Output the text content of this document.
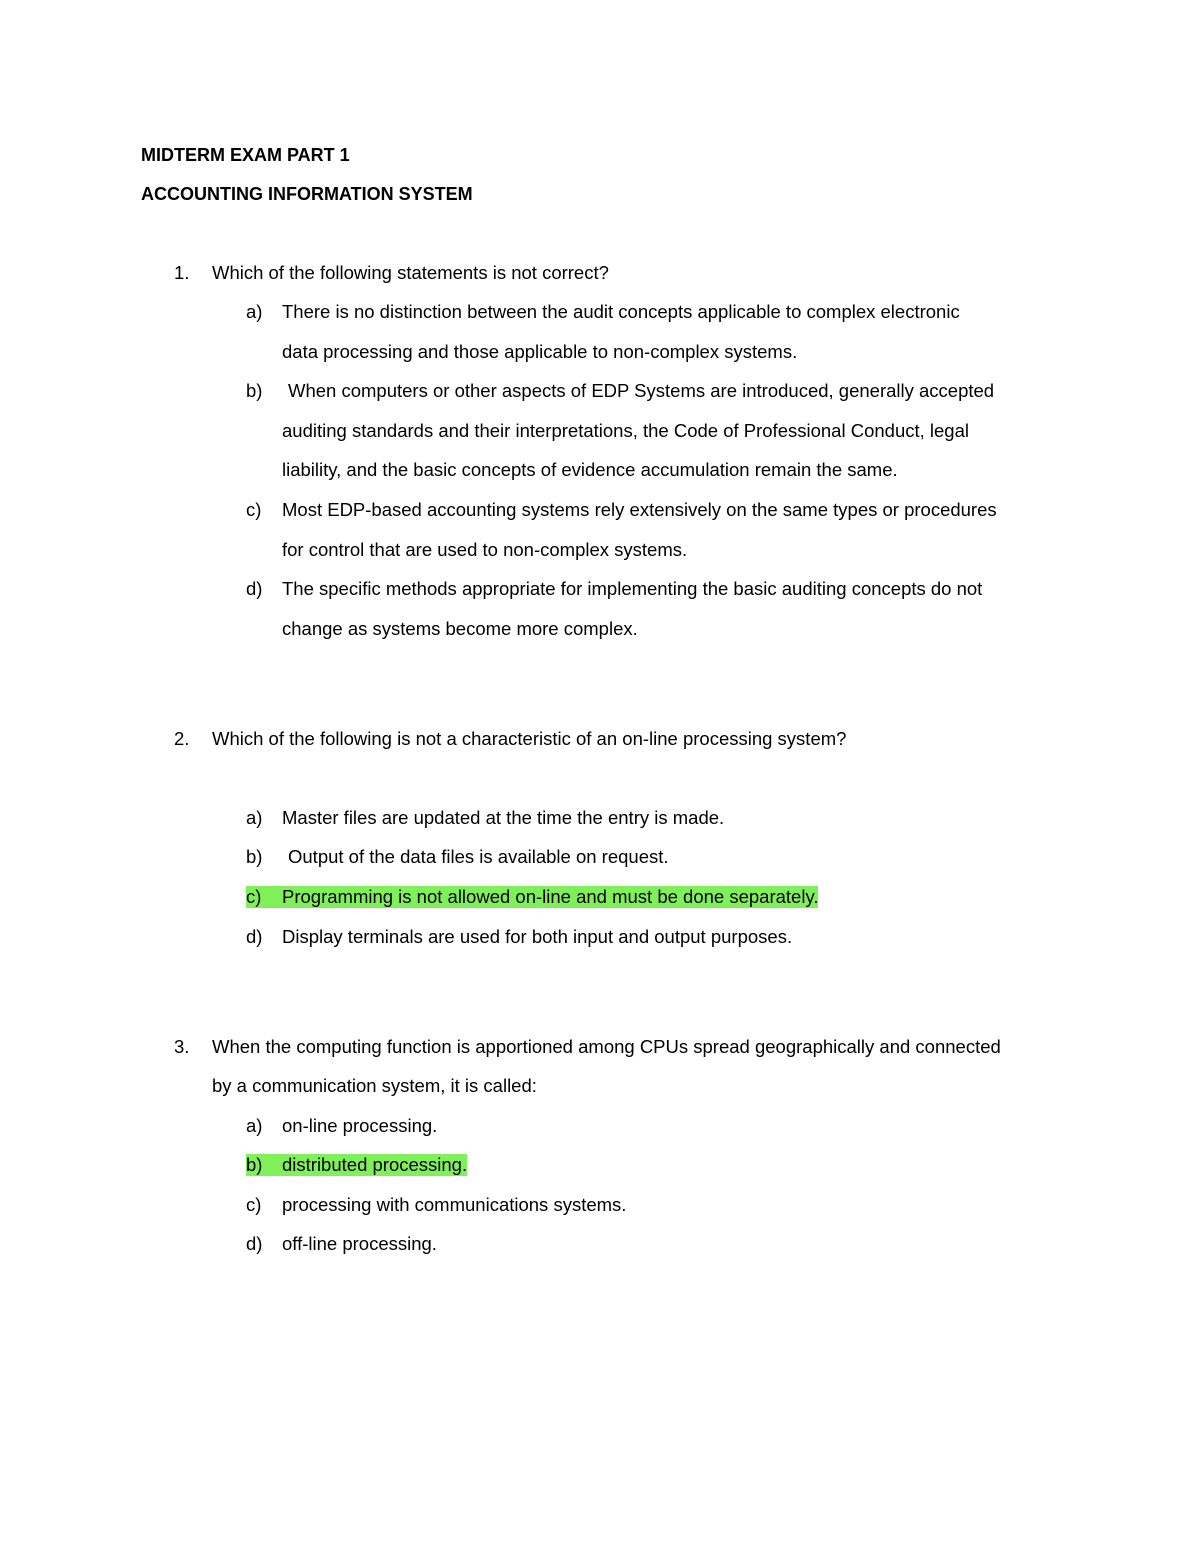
MIDTERM EXAM PART 1
ACCOUNTING INFORMATION SYSTEM
1. Which of the following statements is not correct?
a) There is no distinction between the audit concepts applicable to complex electronic
data processing and those applicable to non-complex systems.
b) When computers or other aspects of EDP Systems are introduced, generally accepted
auditing standards and their interpretations, the Code of Professional Conduct, legal
liability, and the basic concepts of evidence accumulation remain the same.
c) Most EDP-based accounting systems rely extensively on the same types or procedures
for control that are used to non-complex systems.
d) The specific methods appropriate for implementing the basic auditing concepts do not
change as systems become more complex.
2. Which of the following is not a characteristic of an on-line processing system?
a) Master files are updated at the time the entry is made.
b) Output of the data files is available on request.
c) Programming is not allowed on-line and must be done separately.
d) Display terminals are used for both input and output purposes.
3. When the computing function is apportioned among CPUs spread geographically and connected
by a communication system, it is called:
a) on-line processing.
b) distributed processing.
c) processing with communications systems.
d) off-line processing.
